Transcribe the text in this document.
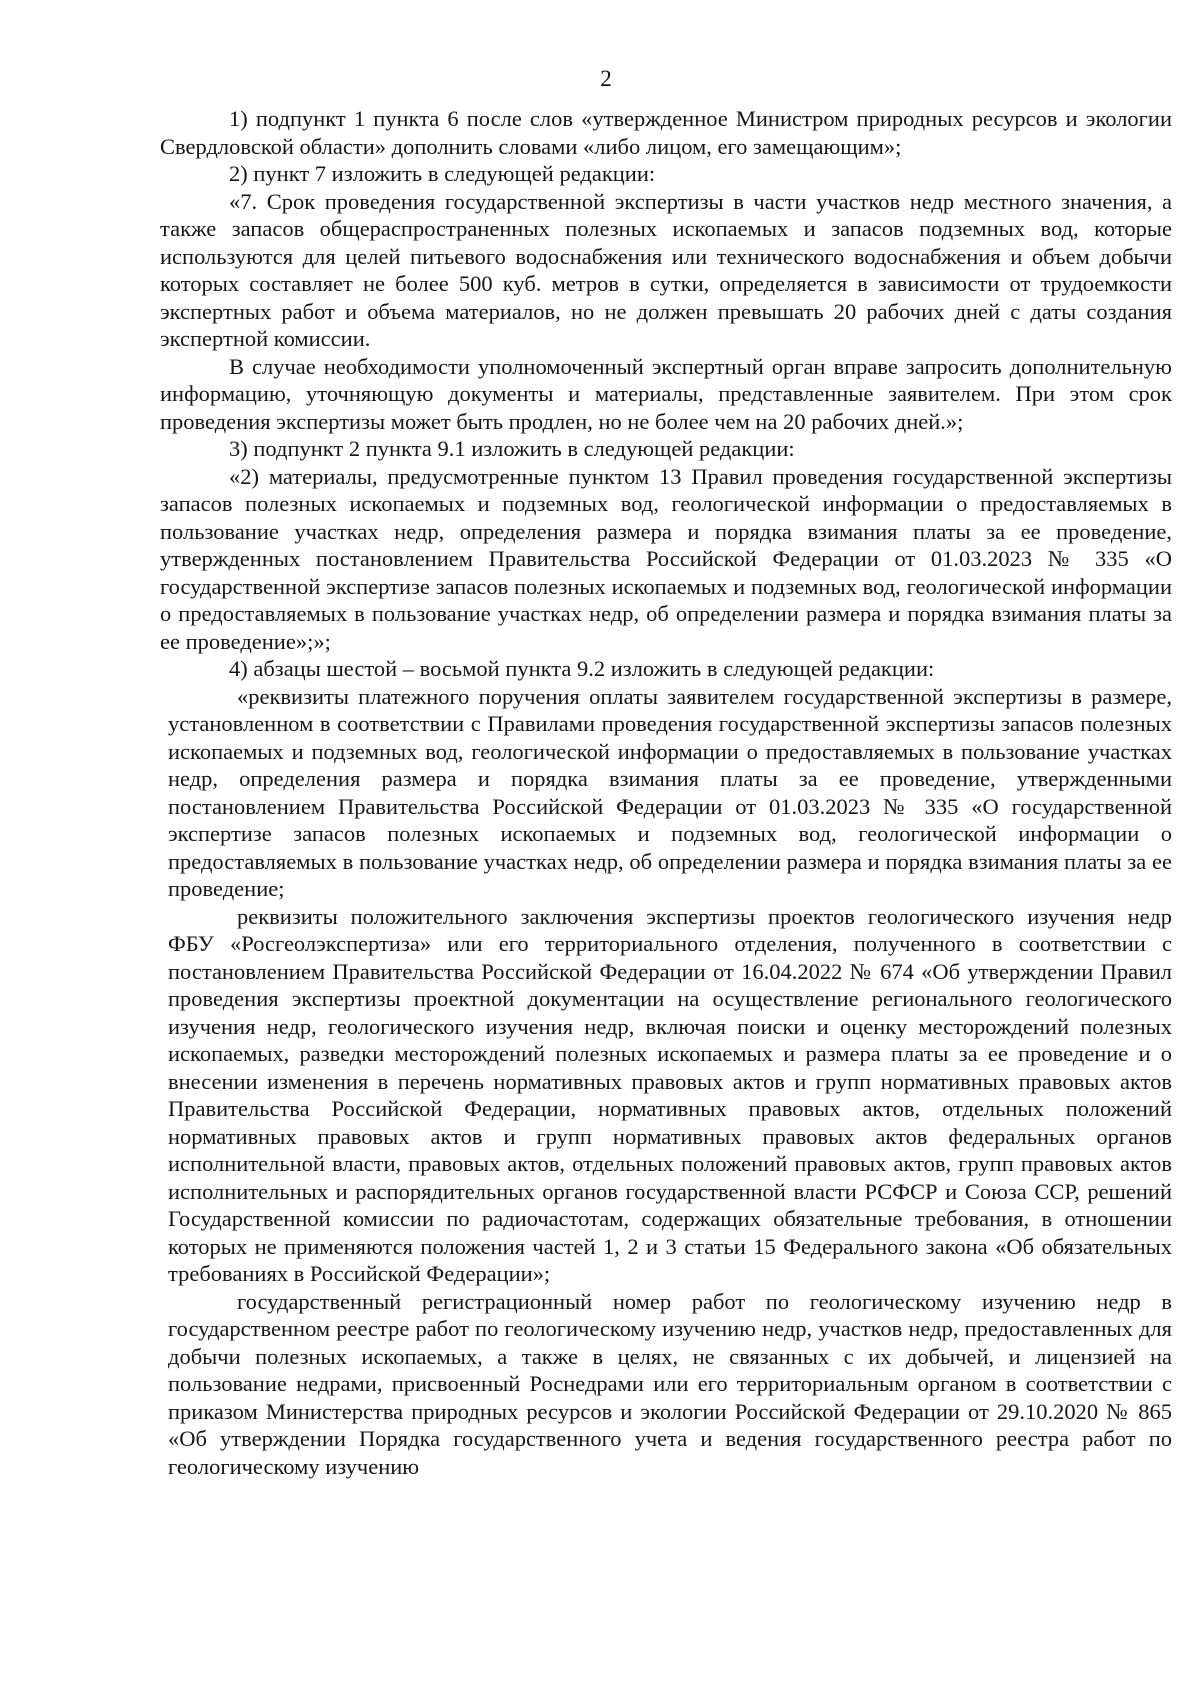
2

1) подпункт 1 пункта 6 после слов «утвержденное Министром природных ресурсов и экологии Свердловской области» дополнить словами «либо лицом, его замещающим»;

2) пункт 7 изложить в следующей редакции:

«7. Срок проведения государственной экспертизы в части участков недр местного значения, а также запасов общераспространенных полезных ископаемых и запасов подземных вод, которые используются для целей питьевого водоснабжения или технического водоснабжения и объем добычи которых составляет не более 500 куб. метров в сутки, определяется в зависимости от трудоемкости экспертных работ и объема материалов, но не должен превышать 20 рабочих дней с даты создания экспертной комиссии.

В случае необходимости уполномоченный экспертный орган вправе запросить дополнительную информацию, уточняющую документы и материалы, представленные заявителем. При этом срок проведения экспертизы может быть продлен, но не более чем на 20 рабочих дней.»;

3) подпункт 2 пункта 9.1 изложить в следующей редакции:

«2) материалы, предусмотренные пунктом 13 Правил проведения государственной экспертизы запасов полезных ископаемых и подземных вод, геологической информации о предоставляемых в пользование участках недр, определения размера и порядка взимания платы за ее проведение, утвержденных постановлением Правительства Российской Федерации от 01.03.2023 № 335 «О государственной экспертизе запасов полезных ископаемых и подземных вод, геологической информации о предоставляемых в пользование участках недр, об определении размера и порядка взимания платы за ее проведение»;»;

4) абзацы шестой – восьмой пункта 9.2 изложить в следующей редакции:

«реквизиты платежного поручения оплаты заявителем государственной экспертизы в размере, установленном в соответствии с Правилами проведения государственной экспертизы запасов полезных ископаемых и подземных вод, геологической информации о предоставляемых в пользование участках недр, определения размера и порядка взимания платы за ее проведение, утвержденными постановлением Правительства Российской Федерации от 01.03.2023 № 335 «О государственной экспертизе запасов полезных ископаемых и подземных вод, геологической информации о предоставляемых в пользование участках недр, об определении размера и порядка взимания платы за ее проведение;

реквизиты положительного заключения экспертизы проектов геологического изучения недр ФБУ «Росгеолэкспертиза» или его территориального отделения, полученного в соответствии с постановлением Правительства Российской Федерации от 16.04.2022 № 674 «Об утверждении Правил проведения экспертизы проектной документации на осуществление регионального геологического изучения недр, геологического изучения недр, включая поиски и оценку месторождений полезных ископаемых, разведки месторождений полезных ископаемых и размера платы за ее проведение и о внесении изменения в перечень нормативных правовых актов и групп нормативных правовых актов Правительства Российской Федерации, нормативных правовых актов, отдельных положений нормативных правовых актов и групп нормативных правовых актов федеральных органов исполнительной власти, правовых актов, отдельных положений правовых актов, групп правовых актов исполнительных и распорядительных органов государственной власти РСФСР и Союза ССР, решений Государственной комиссии по радиочастотам, содержащих обязательные требования, в отношении которых не применяются положения частей 1, 2 и 3 статьи 15 Федерального закона «Об обязательных требованиях в Российской Федерации»;

государственный регистрационный номер работ по геологическому изучению недр в государственном реестре работ по геологическому изучению недр, участков недр, предоставленных для добычи полезных ископаемых, а также в целях, не связанных с их добычей, и лицензией на пользование недрами, присвоенный Роснедрами или его территориальным органом в соответствии с приказом Министерства природных ресурсов и экологии Российской Федерации от 29.10.2020 № 865 «Об утверждении Порядка государственного учета и ведения государственного реестра работ по геологическому изучению
